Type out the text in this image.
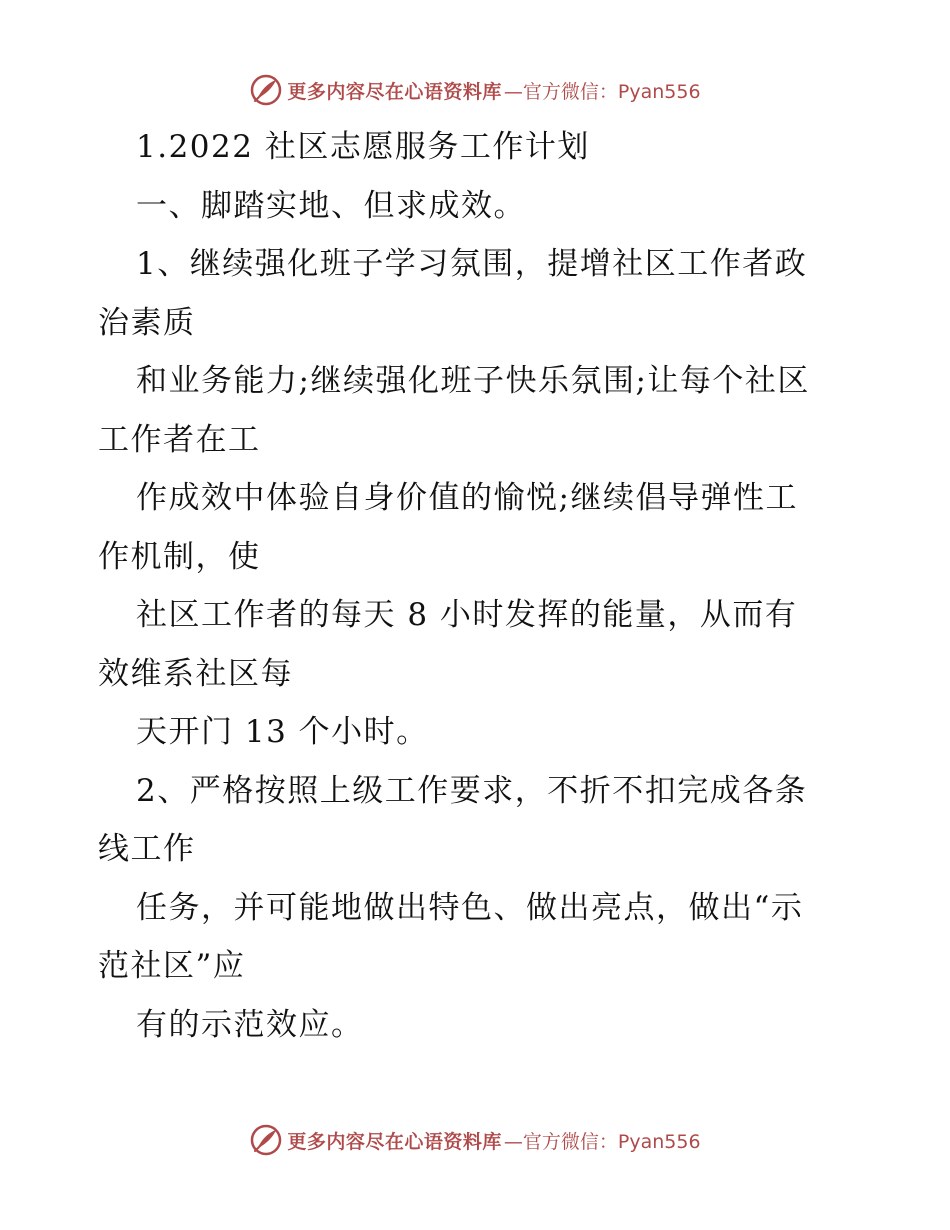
更多内容尽在心语资料库 —官方微信：Pyan556
1.2022 社区志愿服务工作计划
一、脚踏实地、但求成效。
1、继续强化班子学习氛围，提增社区工作者政
治素质
和业务能力;继续强化班子快乐氛围;让每个社区
工作者在工
作成效中体验自身价值的愉悦;继续倡导弹性工
作机制，使
社区工作者的每天 8 小时发挥的能量，从而有
效维系社区每
天开门 13 个小时。
2、严格按照上级工作要求，不折不扣完成各条
线工作
任务，并可能地做出特色、做出亮点，做出“示
范社区”应
有的示范效应。
更多内容尽在心语资料库 —官方微信：Pyan556
